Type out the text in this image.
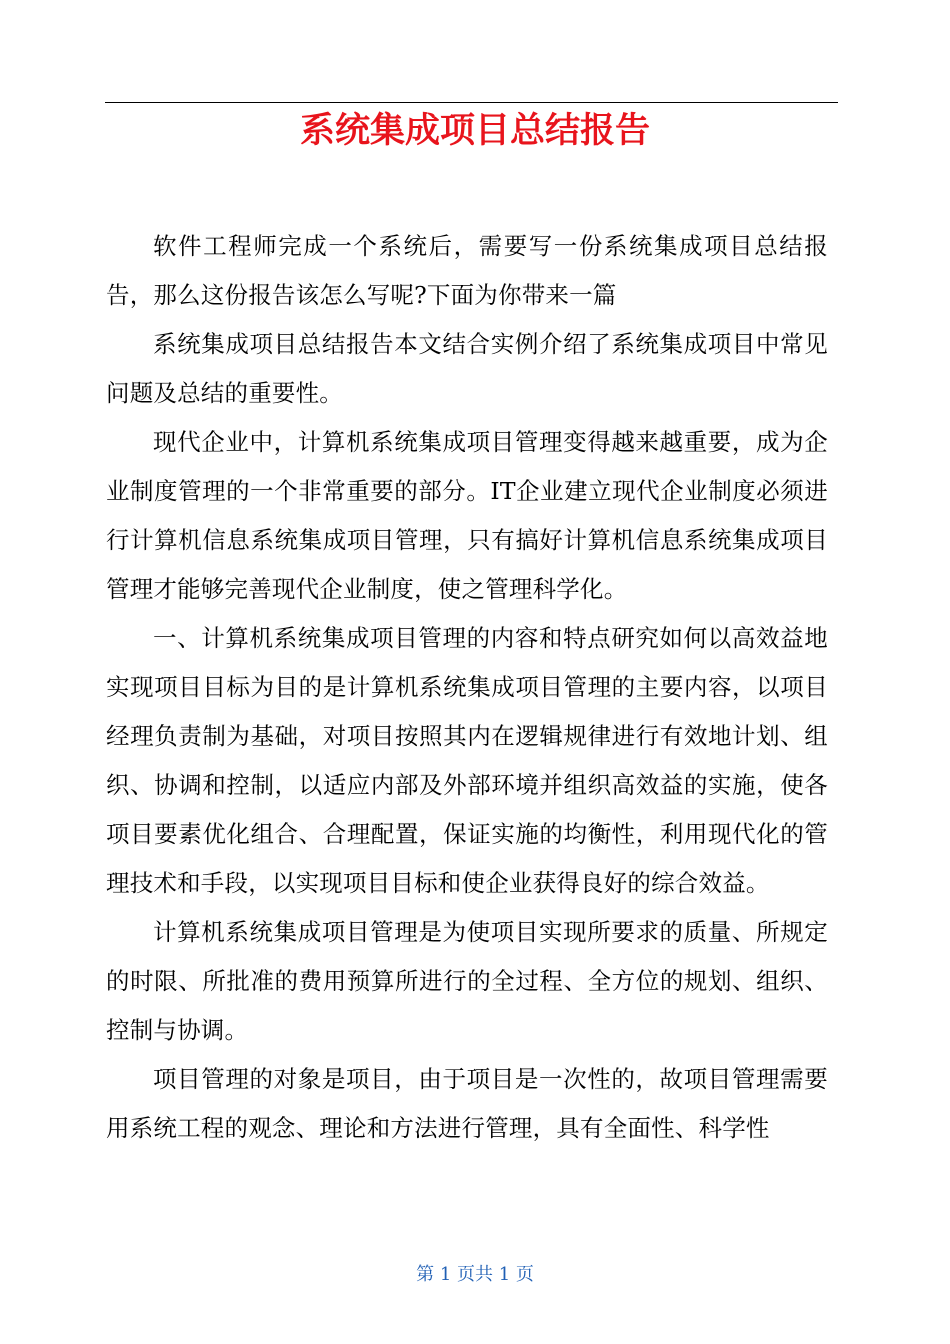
系统集成项目总结报告

软件工程师完成一个系统后，需要写一份系统集成项目总结报告，那么这份报告该怎么写呢?下面为你带来一篇

系统集成项目总结报告本文结合实例介绍了系统集成项目中常见问题及总结的重要性。

现代企业中，计算机系统集成项目管理变得越来越重要，成为企业制度管理的一个非常重要的部分。IT企业建立现代企业制度必须进行计算机信息系统集成项目管理，只有搞好计算机信息系统集成项目管理才能够完善现代企业制度，使之管理科学化。

一、计算机系统集成项目管理的内容和特点研究如何以高效益地实现项目目标为目的是计算机系统集成项目管理的主要内容，以项目经理负责制为基础，对项目按照其内在逻辑规律进行有效地计划、组织、协调和控制，以适应内部及外部环境并组织高效益的实施，使各项目要素优化组合、合理配置，保证实施的均衡性，利用现代化的管理技术和手段，以实现项目目标和使企业获得良好的综合效益。

计算机系统集成项目管理是为使项目实现所要求的质量、所规定的时限、所批准的费用预算所进行的全过程、全方位的规划、组织、控制与协调。

项目管理的对象是项目，由于项目是一次性的，故项目管理需要用系统工程的观念、理论和方法进行管理，具有全面性、科学性

第 1 页共 1 页
